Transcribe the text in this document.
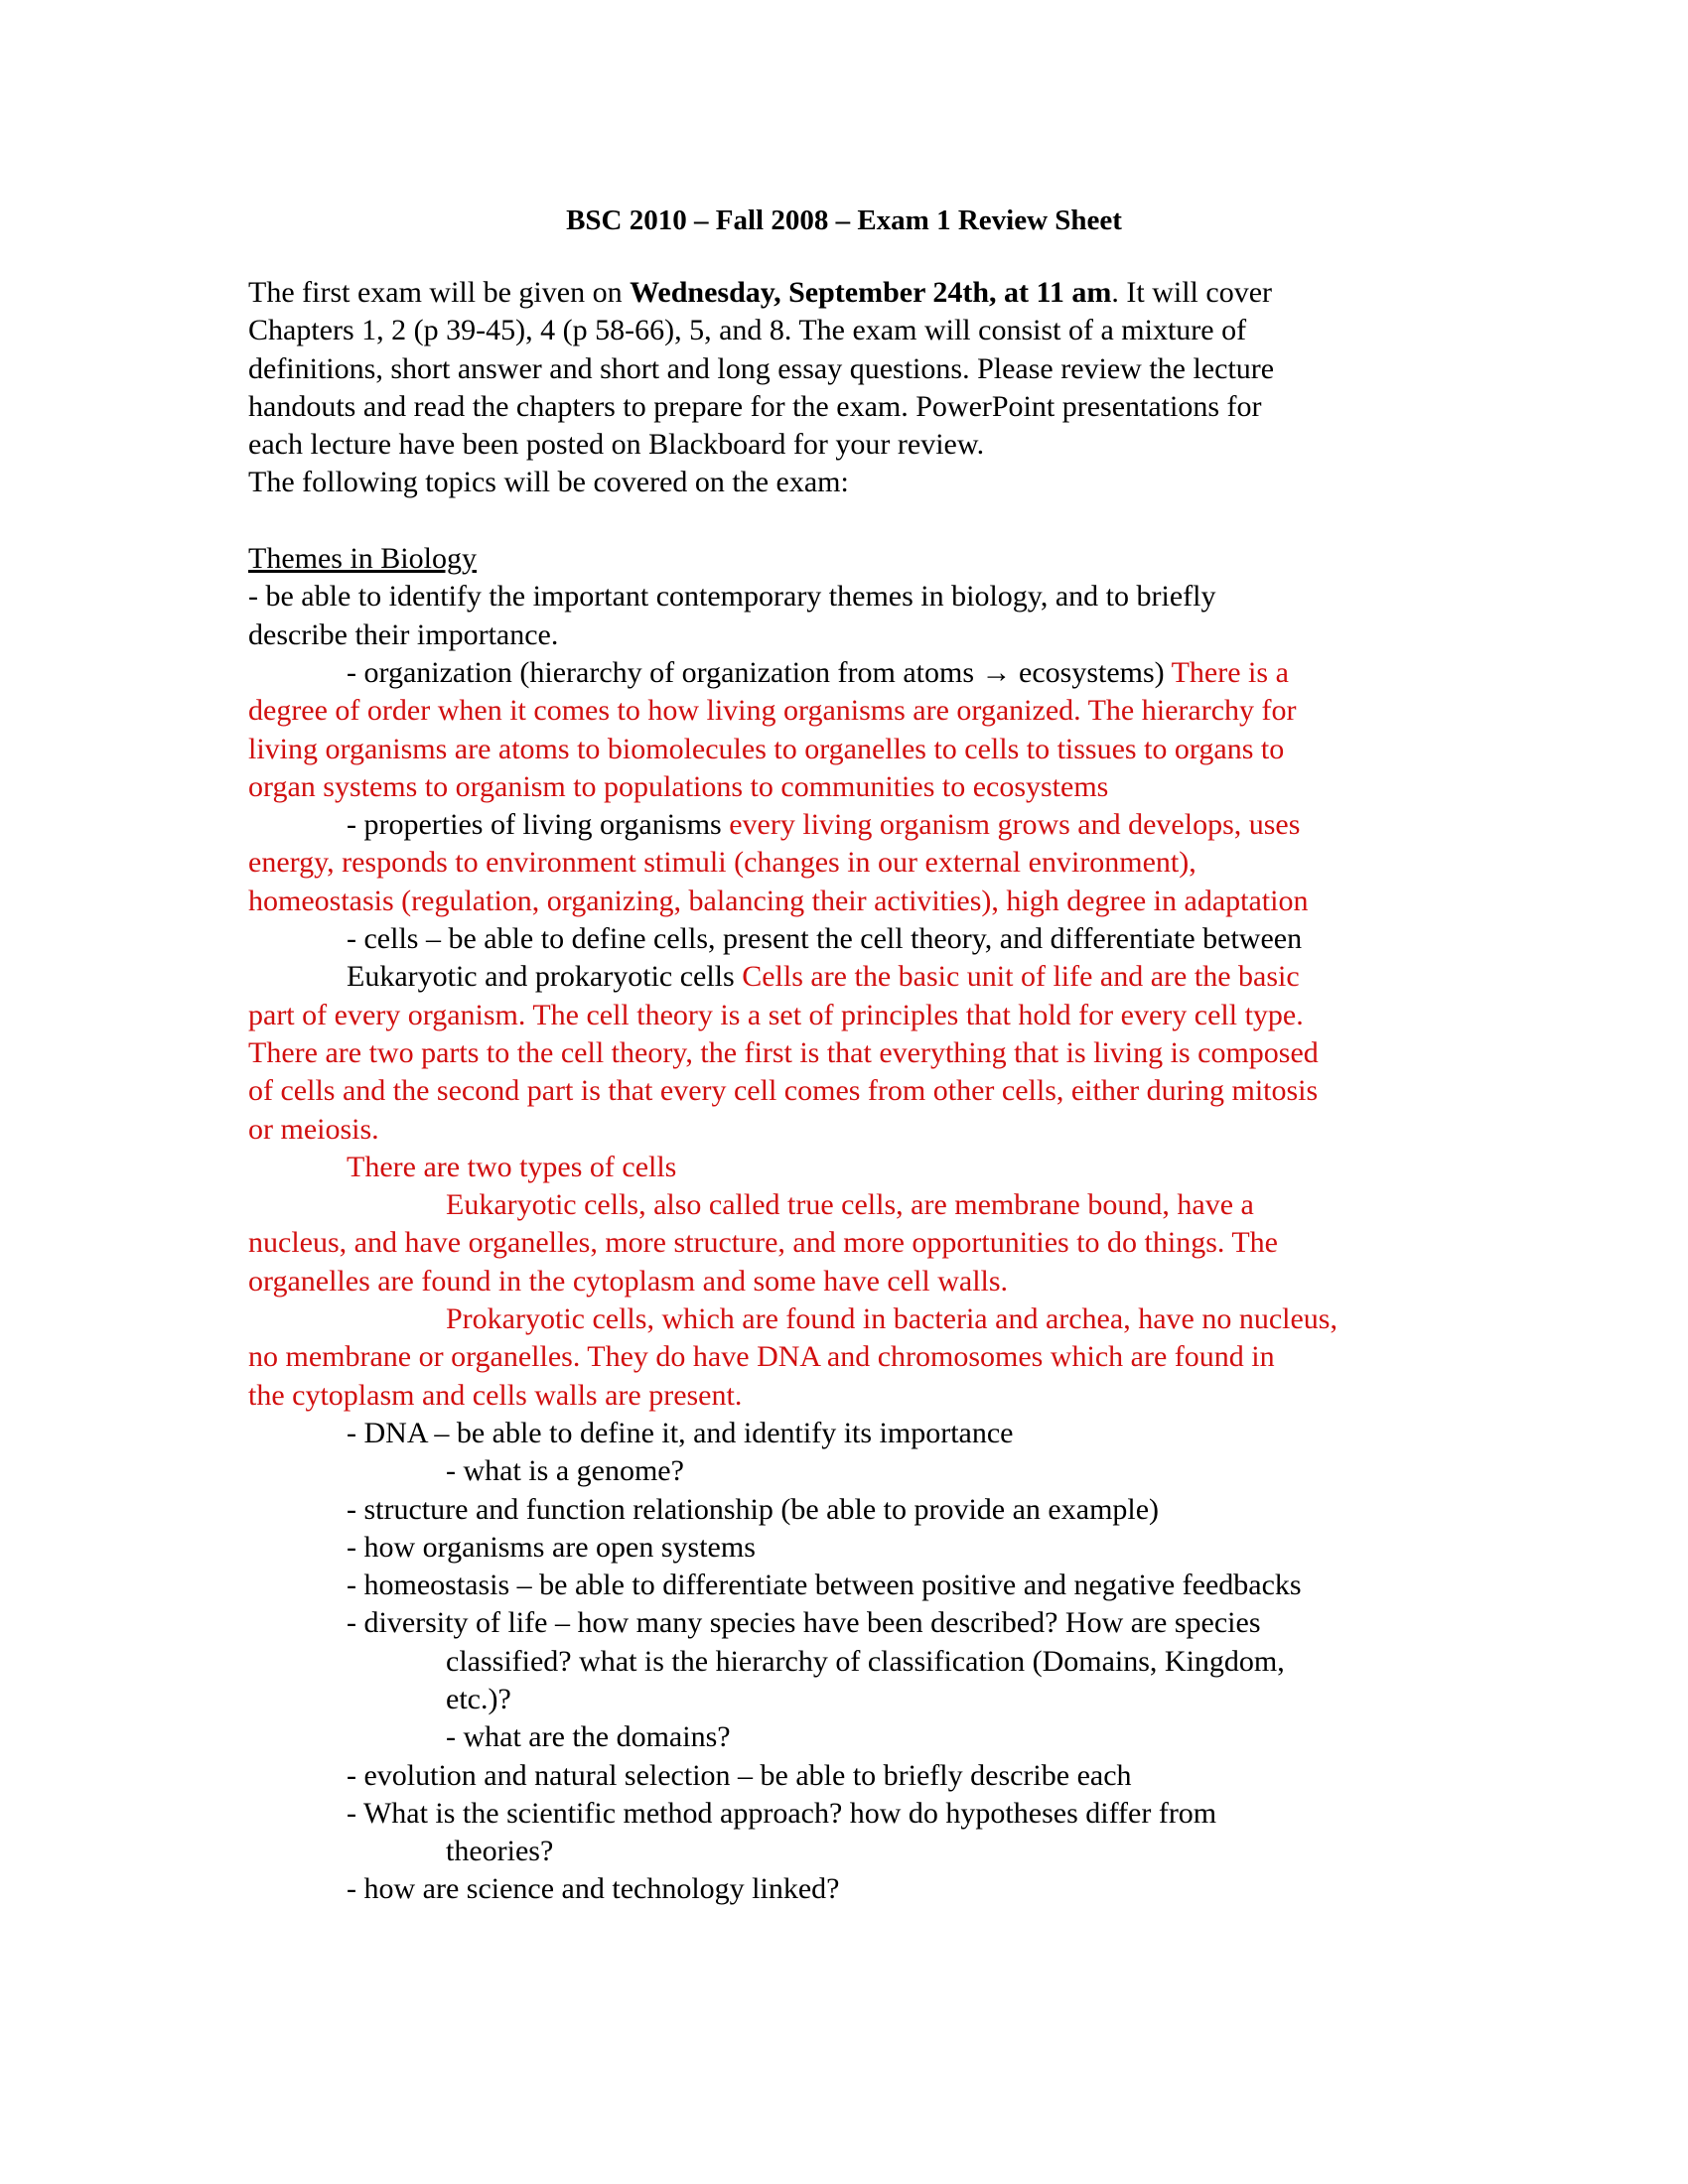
BSC 2010 – Fall 2008 – Exam 1 Review Sheet
The first exam will be given on Wednesday, September 24th, at 11 am. It will cover
Chapters 1, 2 (p 39-45), 4 (p 58-66), 5, and 8. The exam will consist of a mixture of
definitions, short answer and short and long essay questions. Please review the lecture
handouts and read the chapters to prepare for the exam. PowerPoint presentations for
each lecture have been posted on Blackboard for your review.
The following topics will be covered on the exam:
Themes in Biology
- be able to identify the important contemporary themes in biology, and to briefly
describe their importance.
- organization (hierarchy of organization from atoms → ecosystems) There is a
degree of order when it comes to how living organisms are organized. The hierarchy for
living organisms are atoms to biomolecules to organelles to cells to tissues to organs to
organ systems to organism to populations to communities to ecosystems
- properties of living organisms every living organism grows and develops, uses
energy, responds to environment stimuli (changes in our external environment),
homeostasis (regulation, organizing, balancing their activities), high degree in adaptation
- cells – be able to define cells, present the cell theory, and differentiate between
Eukaryotic and prokaryotic cells Cells are the basic unit of life and are the basic
part of every organism. The cell theory is a set of principles that hold for every cell type.
There are two parts to the cell theory, the first is that everything that is living is composed
of cells and the second part is that every cell comes from other cells, either during mitosis
or meiosis.
There are two types of cells
Eukaryotic cells, also called true cells, are membrane bound, have a
nucleus, and have organelles, more structure, and more opportunities to do things. The
organelles are found in the cytoplasm and some have cell walls.
Prokaryotic cells, which are found in bacteria and archea, have no nucleus,
no membrane or organelles. They do have DNA and chromosomes which are found in
the cytoplasm and cells walls are present.
- DNA – be able to define it, and identify its importance
- what is a genome?
- structure and function relationship (be able to provide an example)
- how organisms are open systems
- homeostasis – be able to differentiate between positive and negative feedbacks
- diversity of life – how many species have been described? How are species
classified? what is the hierarchy of classification (Domains, Kingdom,
etc.)?
- what are the domains?
- evolution and natural selection – be able to briefly describe each
- What is the scientific method approach? how do hypotheses differ from
theories?
- how are science and technology linked?
